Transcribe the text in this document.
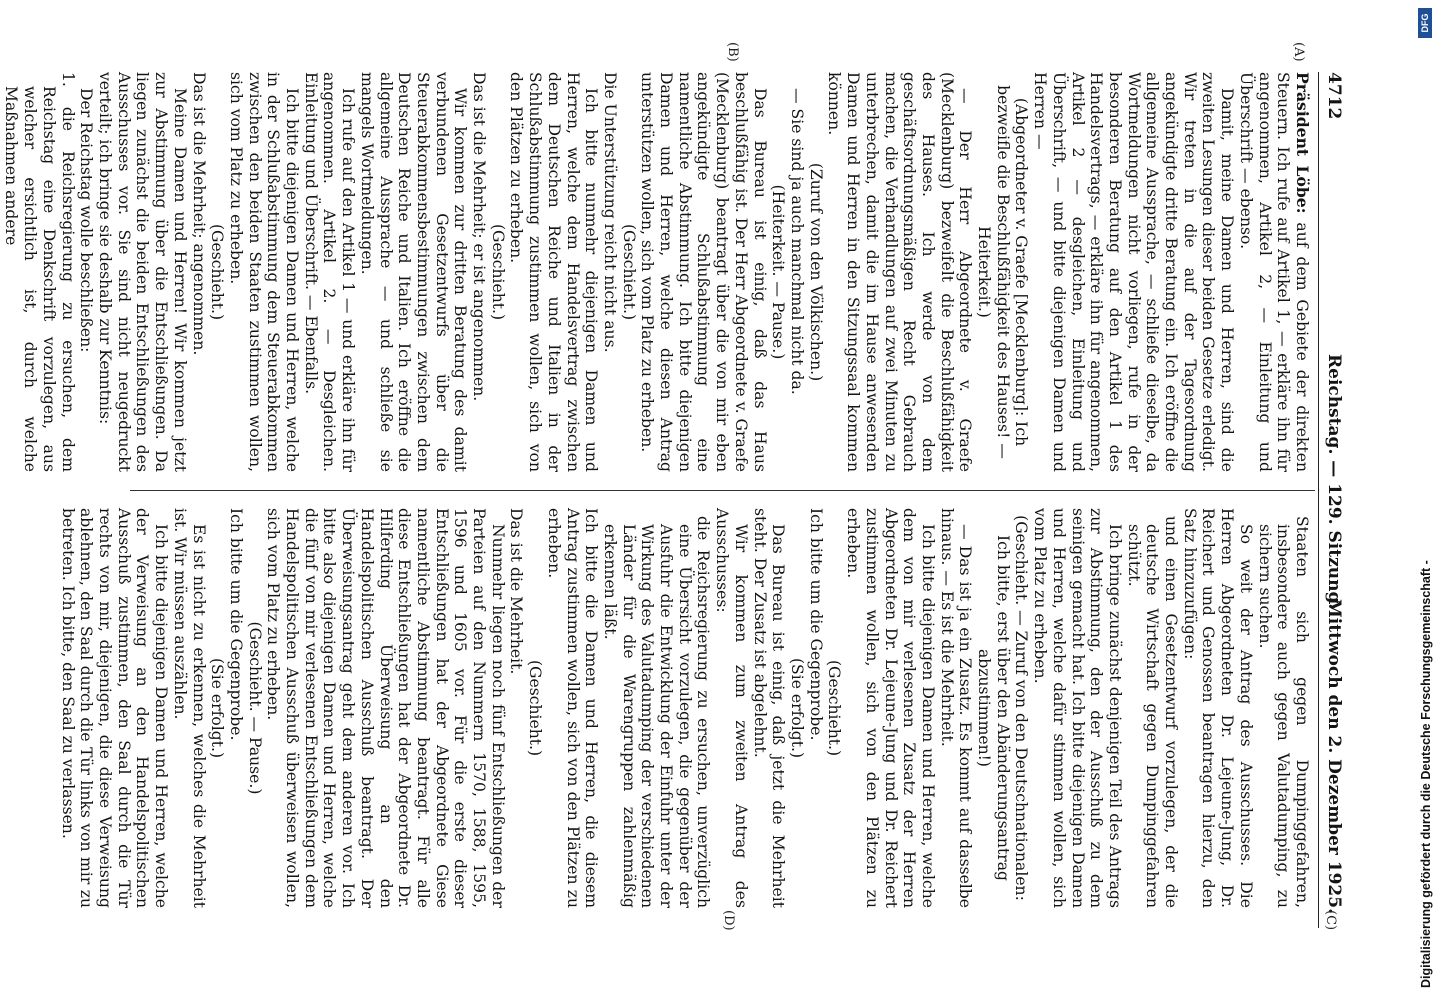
4712
Reichstag. — 129. Sitzung.
Mittwoch den 2. Dezember 1925.
(A)
(B)
(C)
(D)

Präsident Löbe: auf dem Gebiete der direkten Steuern. Ich rufe auf Artikel 1, — erkläre ihn für angenommen, Artikel 2, — Einleitung und Überschrift — ebenso.

Damit, meine Damen und Herren, sind die zweiten Lesungen dieser beiden Gesetze erledigt. Wir treten in die auf der Tagesordnung angekündigte dritte Beratung ein. Ich eröffne die allgemeine Aussprache, — schließe dieselbe, da Wortmeldungen nicht vorliegen, rufe in der besonderen Beratung auf den Artikel 1 des Handelsvertrags, — erkläre ihn für angenommen, Artikel 2 — desgleichen, Einleitung und Überschrift, — und bitte diejenigen Damen und Herren —

(Abgeordneter v. Graefe [Mecklenburg]: Ich bezweifle die Beschlußfähigkeit des Hauses! — Heiterkeit.)

— Der Herr Abgeordnete v. Graefe (Mecklenburg) bezweifelt die Beschlußfähigkeit des Hauses. Ich werde von dem geschäftsordnungsmäßigen Recht Gebrauch machen, die Verhandlungen auf zwei Minuten zu unterbrechen, damit die im Hause anwesenden Damen und Herren in den Sitzungssaal kommen können.

(Zuruf von den Völkischen.)

— Sie sind ja auch manchmal nicht da.

(Heiterkeit. — Pause.)

Das Bureau ist einig, daß das Haus beschlußfähig ist. Der Herr Abgeordnete v. Graefe (Mecklenburg) beantragt über die von mir eben angekündigte Schlußabstimmung eine namentliche Abstimmung. Ich bitte diejenigen Damen und Herren, welche diesen Antrag unterstützen wollen, sich vom Platz zu erheben.

(Geschieht.)

Die Unterstützung reicht nicht aus.

Ich bitte nunmehr diejenigen Damen und Herren, welche dem Handelsvertrag zwischen dem Deutschen Reiche und Italien in der Schlußabstimmung zustimmen wollen, sich von den Plätzen zu erheben.

(Geschieht.)

Das ist die Mehrheit; er ist angenommen.

Wir kommen zur dritten Beratung des damit verbundenen Gesetzentwurfs über die Steuerabkommensbestimmungen zwischen dem Deutschen Reiche und Italien. Ich eröffne die allgemeine Aussprache — und schließe sie mangels Wortmeldungen.

Ich rufe auf den Artikel 1 — und erkläre ihn für angenommen. Artikel 2. — Desgleichen. Einleitung und Überschrift. — Ebenfalls.

Ich bitte diejenigen Damen und Herren, welche in der Schlußabstimmung dem Steuerabkommen zwischen den beiden Staaten zustimmen wollen, sich vom Platz zu erheben.

(Geschieht.)

Das ist die Mehrheit; angenommen.

Meine Damen und Herren! Wir kommen jetzt zur Abstimmung über die Entschließungen. Da liegen zunächst die beiden Entschließungen des Ausschusses vor. Sie sind nicht neugedruckt verteilt; ich bringe sie deshalb zur Kenntnis:

Der Reichstag wolle beschließen:

1. die Reichsregierung zu ersuchen, dem Reichstag eine Denkschrift vorzulegen, aus welcher ersichtlich ist, durch welche Maßnahmen andere

Staaten sich gegen Dumpinggefahren, insbesondere auch gegen Valutadumping, zu sichern suchen.

So weit der Antrag des Ausschusses. Die Herren Abgeordneten Dr. Lejeune-Jung, Dr. Reichert und Genossen beantragen hierzu, den Satz hinzuzufügen:

und einen Gesetzentwurf vorzulegen, der die deutsche Wirtschaft gegen Dumpinggefahren schützt.

Ich bringe zunächst denjenigen Teil des Antrags zur Abstimmung, den der Ausschuß zu dem seinigen gemacht hat. Ich bitte diejenigen Damen und Herren, welche dafür stimmen wollen, sich vom Platz zu erheben.

(Geschieht. — Zuruf von den Deutschnationalen: Ich bitte, erst über den Abänderungsantrag abzustimmen!)

— Das ist ja ein Zusatz. Es kommt auf dasselbe hinaus. — Es ist die Mehrheit.

Ich bitte diejenigen Damen und Herren, welche dem von mir verlesenen Zusatz der Herren Abgeordneten Dr. Lejeune-Jung und Dr. Reichert zustimmen wollen, sich von den Plätzen zu erheben.

(Geschieht.)

Ich bitte um die Gegenprobe.

(Sie erfolgt.)

Das Bureau ist einig, daß jetzt die Mehrheit steht. Der Zusatz ist abgelehnt.

Wir kommen zum zweiten Antrag des Ausschusses:

die Reichsregierung zu ersuchen, unverzüglich eine Übersicht vorzulegen, die gegenüber der Ausfuhr die Entwicklung der Einfuhr unter der Wirkung des Valutadumping der verschiedenen Länder für die Warengruppen zahlenmäßig erkennen läßt.

Ich bitte die Damen und Herren, die diesem Antrag zustimmen wollen, sich von den Plätzen zu erheben.

(Geschieht.)

Das ist die Mehrheit.

Nunmehr liegen noch fünf Entschließungen der Parteien auf den Nummern 1570, 1588, 1595, 1596 und 1605 vor. Für die erste dieser Entschließungen hat der Abgeordnete Giese namentliche Abstimmung beantragt. Für alle diese Entschließungen hat der Abgeordnete Dr. Hilferding Überweisung an den Handelspolitischen Ausschuß beantragt. Der Überweisungsantrag geht dem anderen vor. Ich bitte also diejenigen Damen und Herren, welche die fünf von mir verlesenen Entschließungen dem Handelspolitischen Ausschuß überweisen wollen, sich vom Platz zu erheben.

(Geschieht. — Pause.)

Ich bitte um die Gegenprobe.

(Sie erfolgt.)

Es ist nicht zu erkennen, welches die Mehrheit ist. Wir müssen auszählen.

Ich bitte diejenigen Damen und Herren, welche der Verweisung an den Handelspolitischen Ausschuß zustimmen, den Saal durch die Tür rechts von mir, diejenigen, die diese Verweisung ablehnen, den Saal durch die Tür links von mir zu betreten. Ich bitte, den Saal zu verlassen.	Digitalisierung gefördert durch die Deutsche Forschungsgemeinschaft -
DFG
